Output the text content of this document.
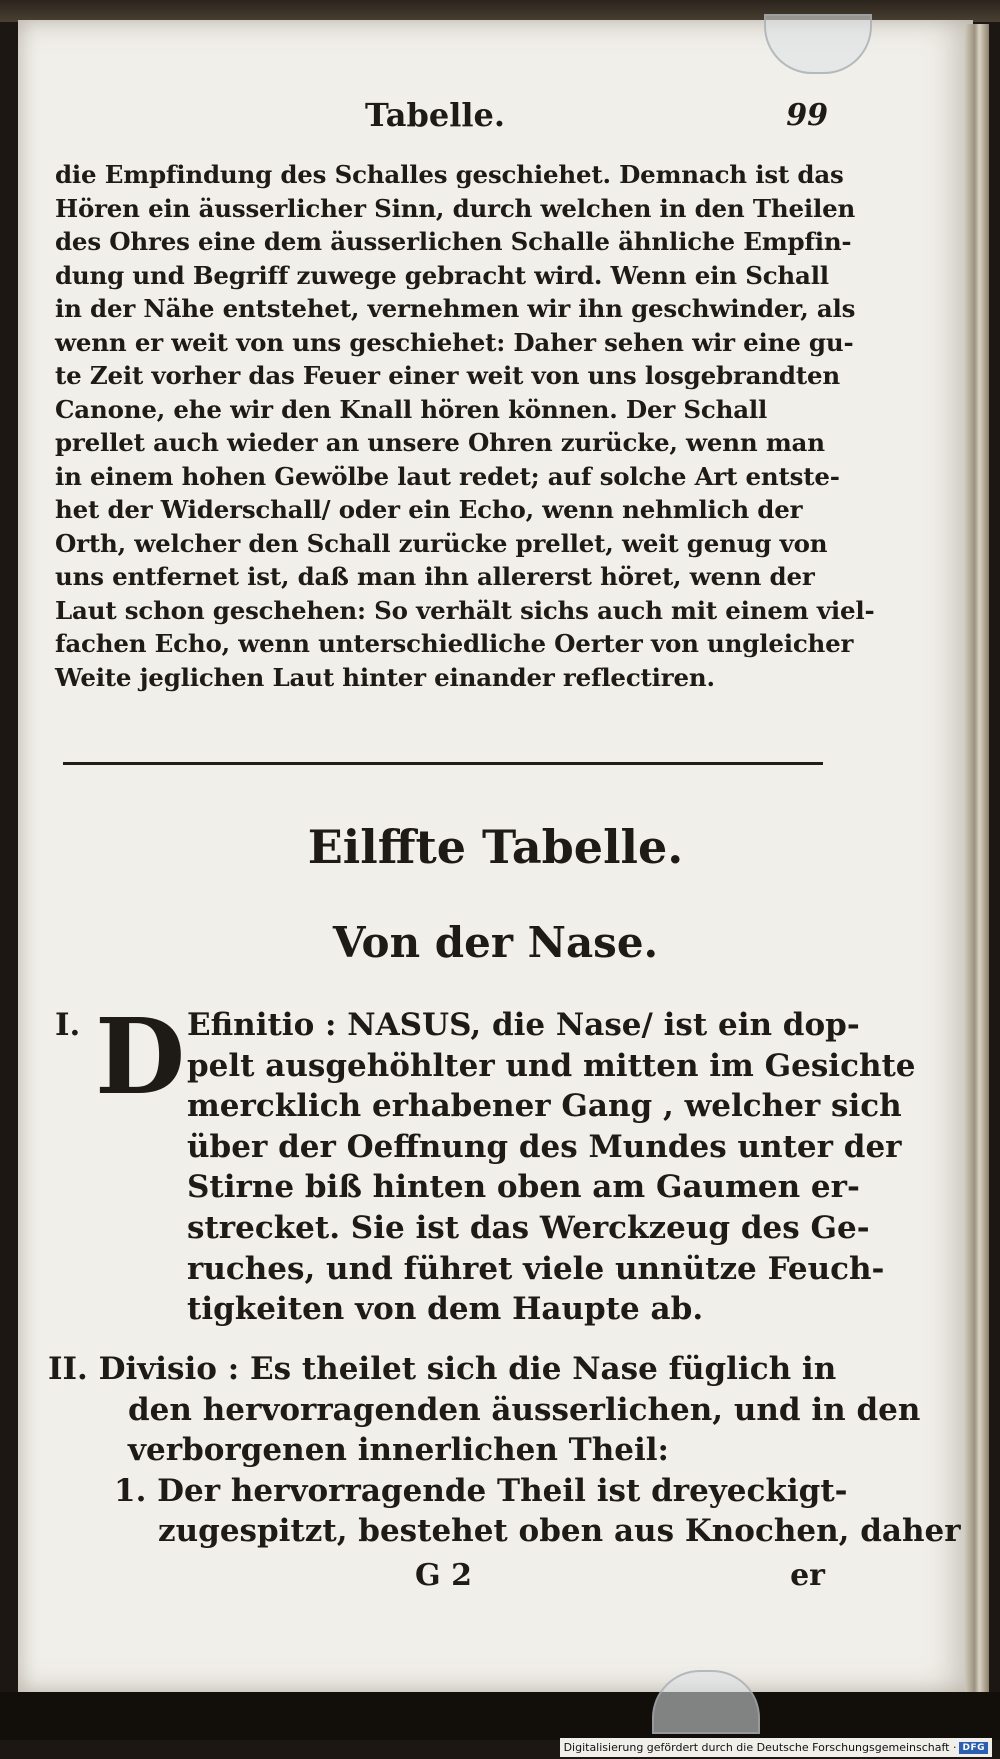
Tabelle.	99
die Empfindung des Schalles geschiehet. Demnach ist das
Hören ein äusserlicher Sinn, durch welchen in den Theilen
des Ohres eine dem äusserlichen Schalle ähnliche Empfin-
dung und Begriff zuwege gebracht wird. Wenn ein Schall
in der Nähe entstehet, vernehmen wir ihn geschwinder, als
wenn er weit von uns geschiehet: Daher sehen wir eine gu-
te Zeit vorher das Feuer einer weit von uns losgebrandten
Canone, ehe wir den Knall hören können. Der Schall
prellet auch wieder an unsere Ohren zurücke, wenn man
in einem hohen Gewölbe laut redet; auf solche Art entste-
het der Widerschall/ oder ein Echo, wenn nehmlich der
Orth, welcher den Schall zurücke prellet, weit genug von
uns entfernet ist, daß man ihn allererst höret, wenn der
Laut schon geschehen: So verhält sichs auch mit einem viel-
fachen Echo, wenn unterschiedliche Oerter von ungleicher
Weite jeglichen Laut hinter einander reflectiren.
Eilffte Tabelle.
Von der Nase.
I. D Efinitio : NASUS, die Nase/ ist ein dop-
pelt ausgehöhlter und mitten im Gesichte
mercklich erhabener Gang , welcher sich
über der Oeffnung des Mundes unter der
Stirne biß hinten oben am Gaumen er-
strecket. Sie ist das Werckzeug des Ge-
ruches, und führet viele unnütze Feuch-
tigkeiten von dem Haupte ab.
II. Divisio : Es theilet sich die Nase füglich in
den hervorragenden äusserlichen, und in den
verborgenen innerlichen Theil:
1. Der hervorragende Theil ist dreyeckigt-
zugespitzt, bestehet oben aus Knochen, daher
G 2	er
Digitalisierung gefördert durch die Deutsche Forschungsgemeinschaft · DFG
